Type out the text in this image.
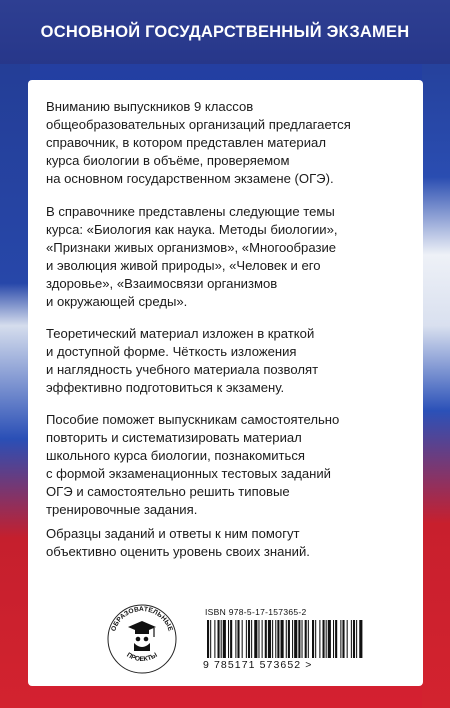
ОСНОВНОЙ ГОСУДАРСТВЕННЫЙ ЭКЗАМЕН

Вниманию выпускников 9 классов
общеобразовательных организаций предлагается
справочник, в котором представлен материал
курса биологии в объёме, проверяемом
на основном государственном экзамене (ОГЭ).

В справочнике представлены следующие темы
курса: «Биология как наука. Методы биологии»,
«Признаки живых организмов», «Многообразие
и эволюция живой природы», «Человек и его
здоровье», «Взаимосвязи организмов
и окружающей среды».

Теоретический материал изложен в краткой
и доступной форме. Чёткость изложения
и наглядность учебного материала позволят
эффективно подготовиться к экзамену.

Пособие поможет выпускникам самостоятельно
повторить и систематизировать материал
школьного курса биологии, познакомиться
с формой экзаменационных тестовых заданий
ОГЭ и самостоятельно решить типовые
тренировочные задания.

Образцы заданий и ответы к ним помогут
объективно оценить уровень своих знаний.

ОБРАЗОВАТЕЛЬНЫЕ
ПРОЕКТЫ
ISBN 978-5-17-157365-2
9 785171 573652 >
